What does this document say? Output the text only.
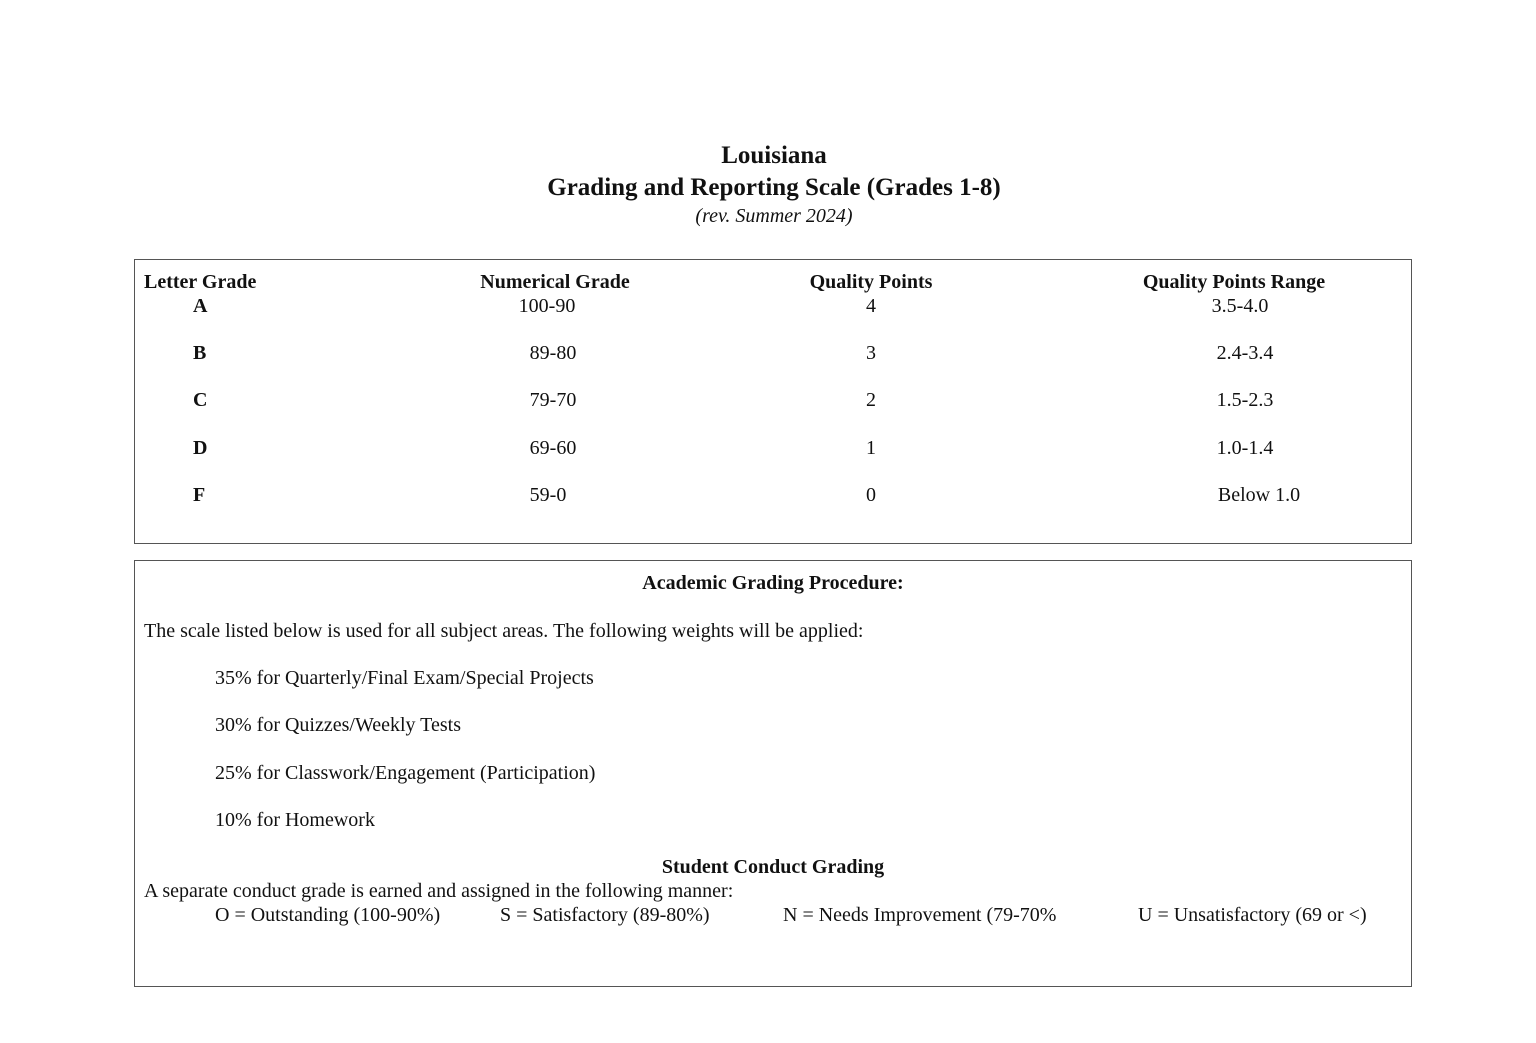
Louisiana

Grading and Reporting Scale (Grades 1-8)

(rev. Summer 2024)

Letter Grade	Numerical Grade	Quality Points	Quality Points Range
A	100-90	4	3.5-4.0
B	89-80	3	2.4-3.4
C	79-70	2	1.5-2.3
D	69-60	1	1.0-1.4
F	59-0	0	Below 1.0
Academic Grading Procedure:
The scale listed below is used for all subject areas. The following weights will be applied:
35% for Quarterly/Final Exam/Special Projects
30% for Quizzes/Weekly Tests
25% for Classwork/Engagement (Participation)
10% for Homework
Student Conduct Grading
A separate conduct grade is earned and assigned in the following manner:
O = Outstanding (100-90%)	S = Satisfactory (89-80%)	N = Needs Improvement (79-70%	U = Unsatisfactory (69 or <)
